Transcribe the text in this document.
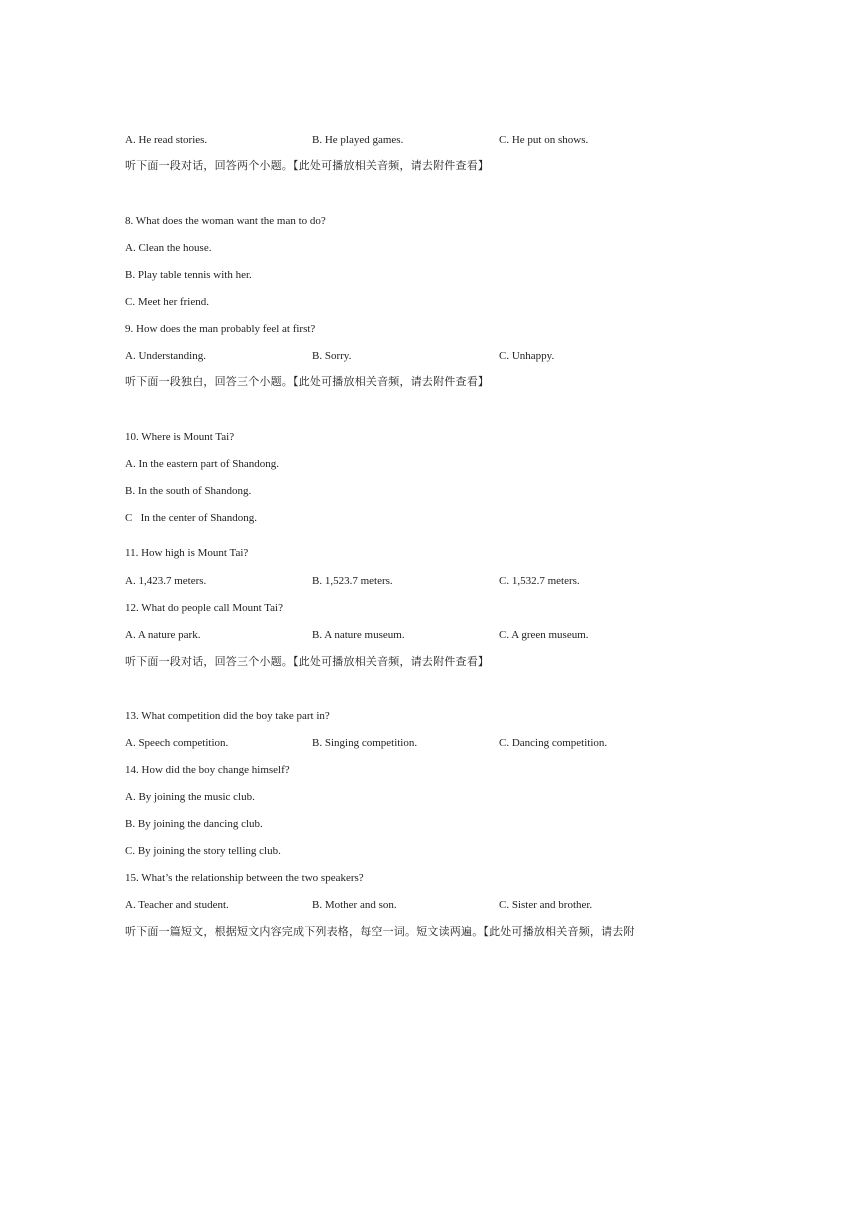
A. He read stories.	B. He played games.	C. He put on shows.
听下面一段对话，回答两个小题。【此处可播放相关音频，请去附件查看】
8. What does the woman want the man to do?
A. Clean the house.
B. Play table tennis with her.
C. Meet her friend.
9. How does the man probably feel at first?
A. Understanding.	B. Sorry.	C. Unhappy.
听下面一段独白，回答三个小题。【此处可播放相关音频，请去附件查看】
10. Where is Mount Tai?
A. In the eastern part of Shandong.
B. In the south of Shandong.
C   In the center of Shandong.
11. How high is Mount Tai?
A. 1,423.7 meters.	B. 1,523.7 meters.	C. 1,532.7 meters.
12. What do people call Mount Tai?
A. A nature park.	B. A nature museum.	C. A green museum.
听下面一段对话，回答三个小题。【此处可播放相关音频，请去附件查看】
13. What competition did the boy take part in?
A. Speech competition.	B. Singing competition.	C. Dancing competition.
14. How did the boy change himself?
A. By joining the music club.
B. By joining the dancing club.
C. By joining the story telling club.
15. What’s the relationship between the two speakers?
A. Teacher and student.	B. Mother and son.	C. Sister and brother.
听下面一篇短文，根据短文内容完成下列表格，每空一词。短文读两遍。【此处可播放相关音频，请去附
